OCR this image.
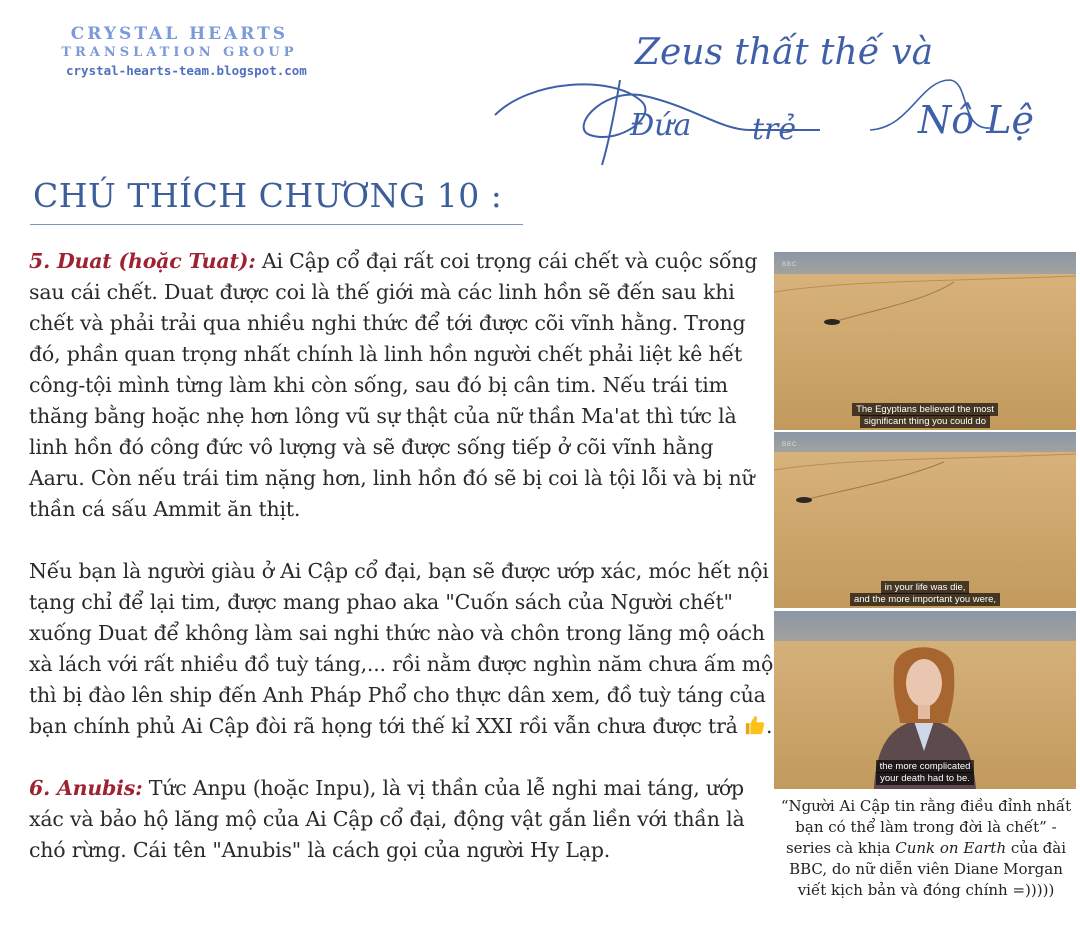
CRYSTAL HEARTS
TRANSLATION GROUP
crystal-hearts-team.blogspot.com	Zeus thất thế và
Đứa trẻ	Nô Lệ
CHÚ THÍCH CHƯƠNG 10 :

5. Duat (hoặc Tuat): Ai Cập cổ đại rất coi trọng cái chết và cuộc sống sau cái chết. Duat được coi là thế giới mà các linh hồn sẽ đến sau khi chết và phải trải qua nhiều nghi thức để tới được cõi vĩnh hằng. Trong đó, phần quan trọng nhất chính là linh hồn người chết phải liệt kê hết công-tội mình từng làm khi còn sống, sau đó bị cân tim. Nếu trái tim thăng bằng hoặc nhẹ hơn lông vũ sự thật của nữ thần Ma'at thì tức là linh hồn đó công đức vô lượng và sẽ được sống tiếp ở cõi vĩnh hằng Aaru. Còn nếu trái tim nặng hơn, linh hồn đó sẽ bị coi là tội lỗi và bị nữ thần cá sấu Ammit ăn thịt.

Nếu bạn là người giàu ở Ai Cập cổ đại, bạn sẽ được ướp xác, móc hết nội tạng chỉ để lại tim, được mang phao aka "Cuốn sách của Người chết" xuống Duat để không làm sai nghi thức nào và chôn trong lăng mộ oách xà lách với rất nhiều đồ tuỳ táng,... rồi nằm được nghìn năm chưa ấm mộ thì bị đào lên ship đến Anh Pháp Phổ cho thực dân xem, đồ tuỳ táng của bạn chính phủ Ai Cập đòi rã họng tới thế kỉ XXI rồi vẫn chưa được trả .

6. Anubis: Tức Anpu (hoặc Inpu), là vị thần của lễ nghi mai táng, ướp xác và bảo hộ lăng mộ của Ai Cập cổ đại, động vật gắn liền với thần là chó rừng. Cái tên "Anubis" là cách gọi của người Hy Lạp.

BBC
The Egyptians believed the most
significant thing you could do
BBC
in your life was die,
and the more important you were,
the more complicated
your death had to be.
“Người Ai Cập tin rằng điều đỉnh nhất bạn có thể làm trong đời là chết” - series cà khịa Cunk on Earth của đài BBC, do nữ diễn viên Diane Morgan viết kịch bản và đóng chính =)))))
